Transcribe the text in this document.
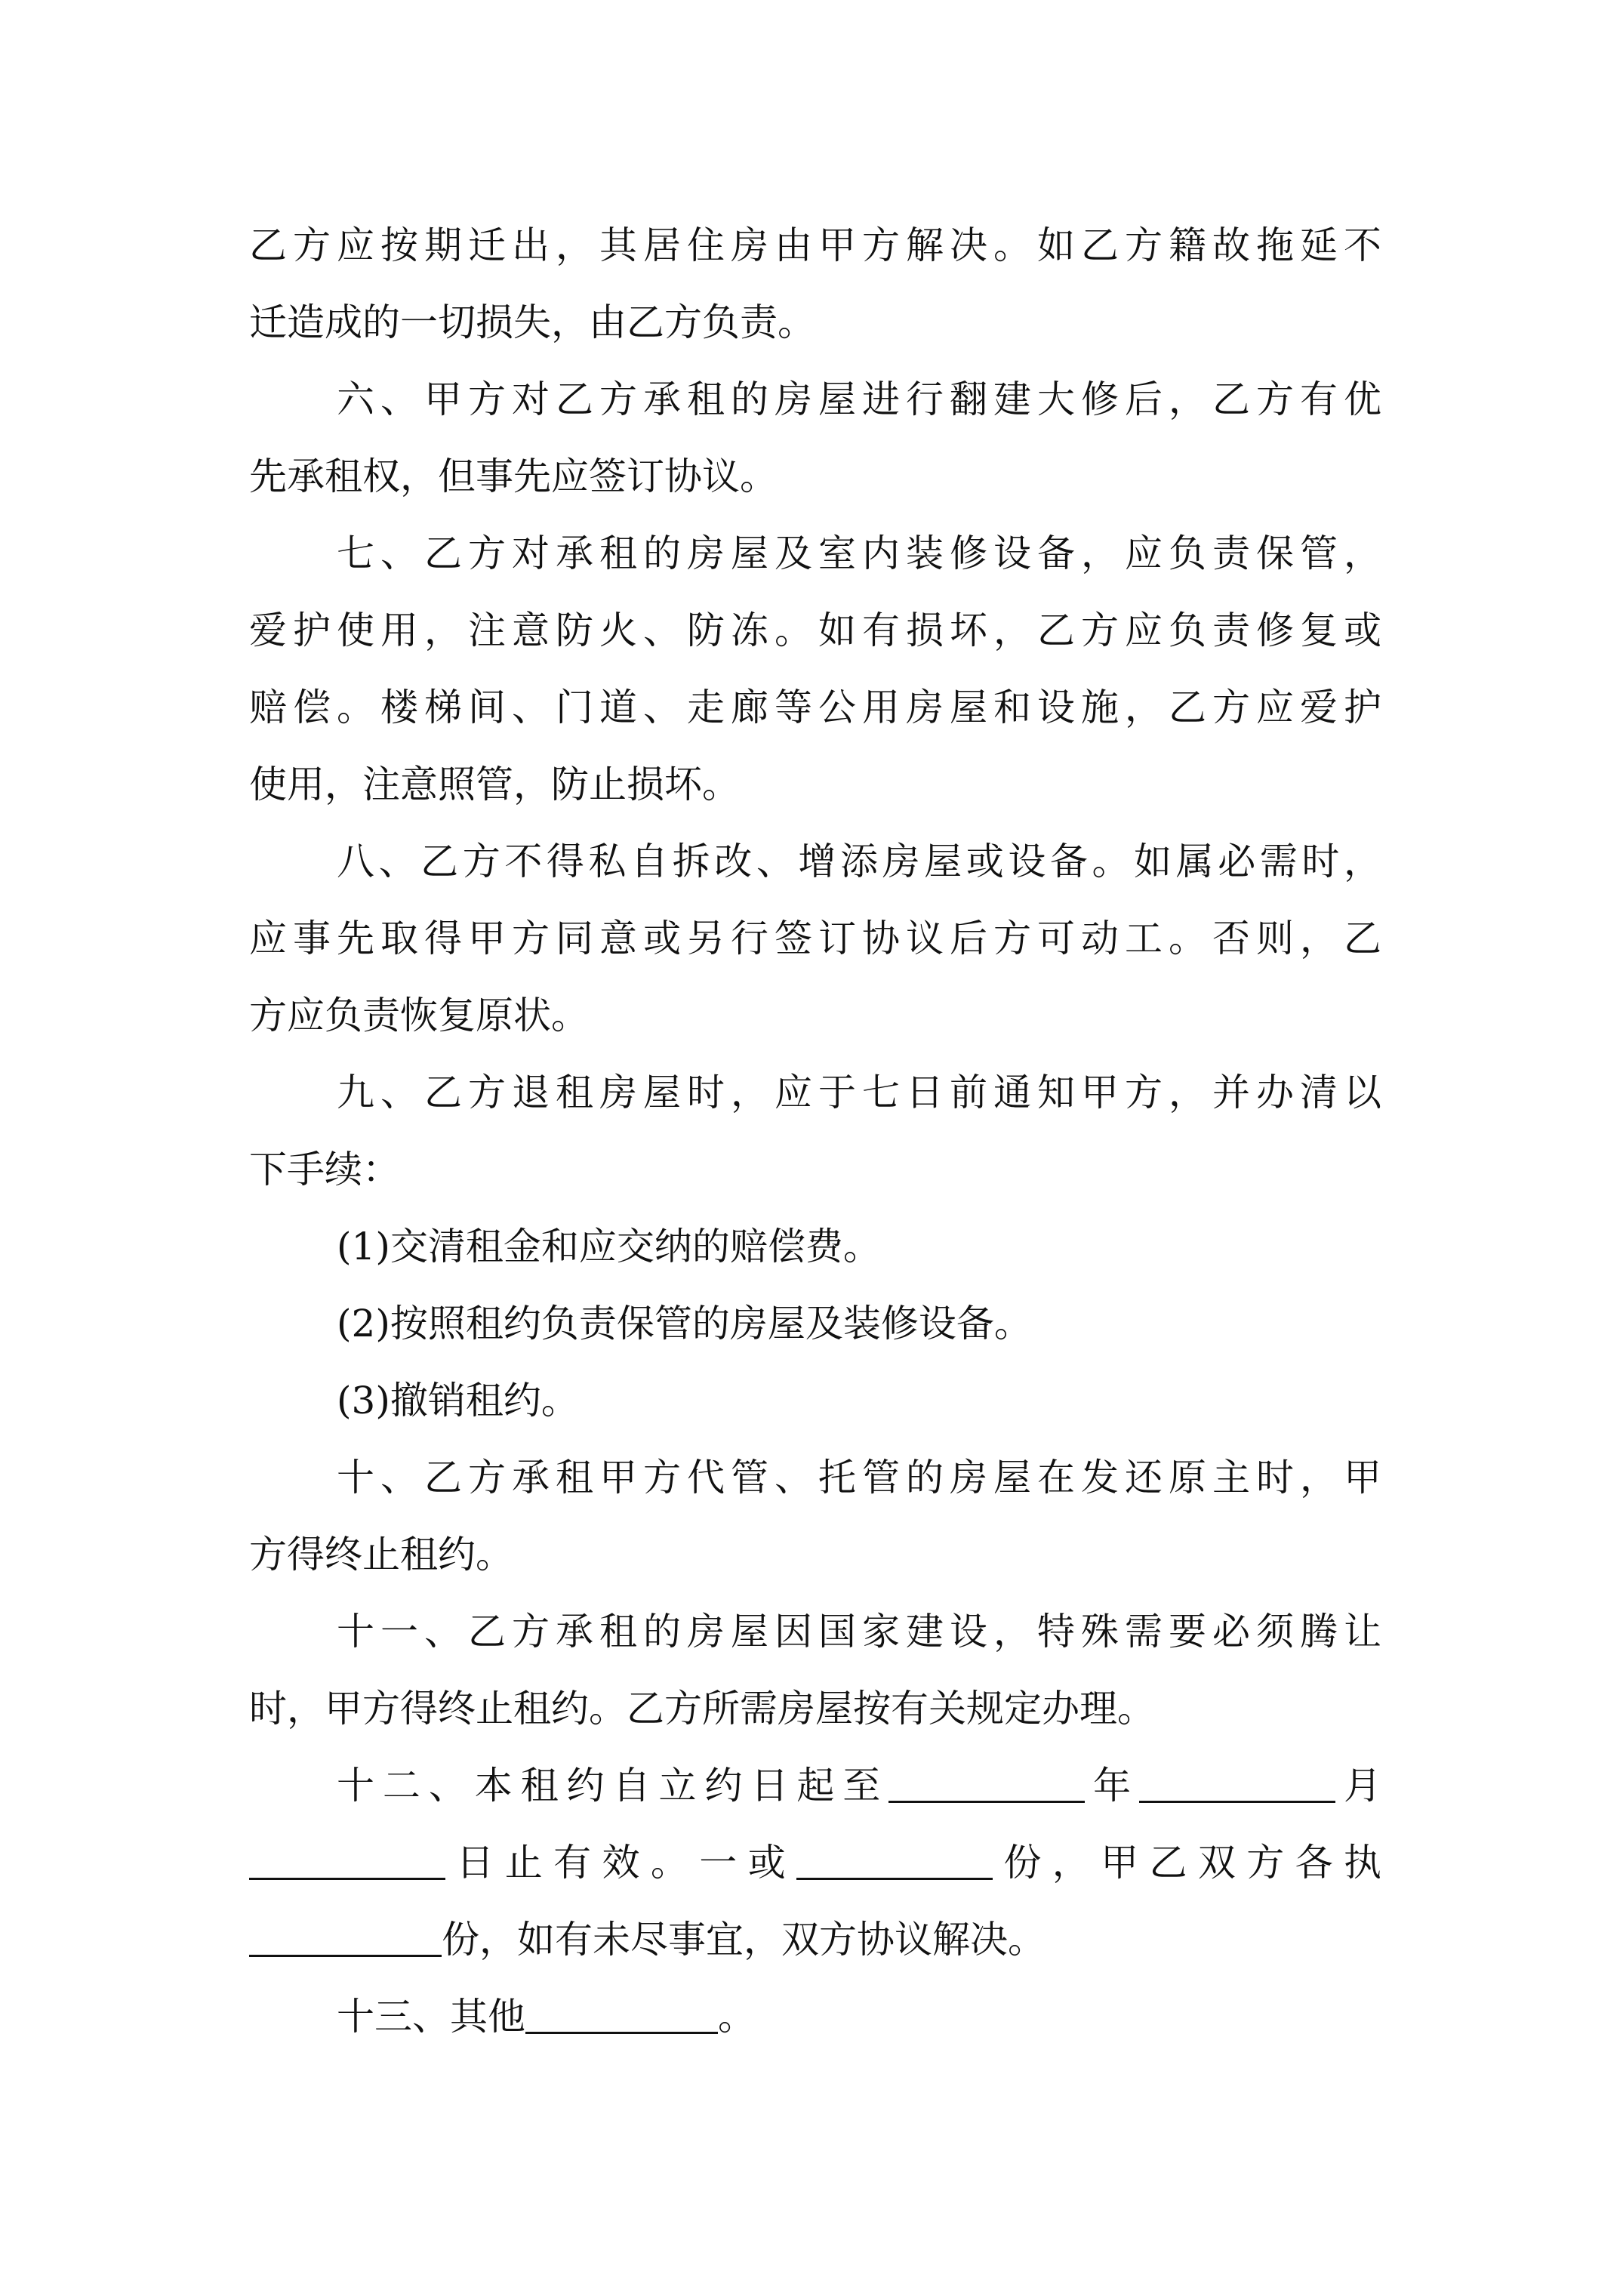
乙方应按期迁出，其居住房由甲方解决。如乙方籍故拖延不
迁造成的一切损失，由乙方负责。
六、甲方对乙方承租的房屋进行翻建大修后，乙方有优
先承租权，但事先应签订协议。
七、乙方对承租的房屋及室内装修设备，应负责保管，
爱护使用，注意防火、防冻。如有损坏，乙方应负责修复或
赔偿。楼梯间、门道、走廊等公用房屋和设施，乙方应爱护
使用，注意照管，防止损坏。
八、乙方不得私自拆改、增添房屋或设备。如属必需时，
应事先取得甲方同意或另行签订协议后方可动工。否则，乙
方应负责恢复原状。
九、乙方退租房屋时，应于七日前通知甲方，并办清以
下手续：
(1)交清租金和应交纳的赔偿费。
(2)按照租约负责保管的房屋及装修设备。
(3)撤销租约。
十、乙方承租甲方代管、托管的房屋在发还原主时，甲
方得终止租约。
十一、乙方承租的房屋因国家建设，特殊需要必须腾让
时，甲方得终止租约。乙方所需房屋按有关规定办理。
十二、本租约自立约日起至	年	月
日止有效。一或	份，甲乙双方各执
份，如有未尽事宜，双方协议解决。
十三、其他	。
